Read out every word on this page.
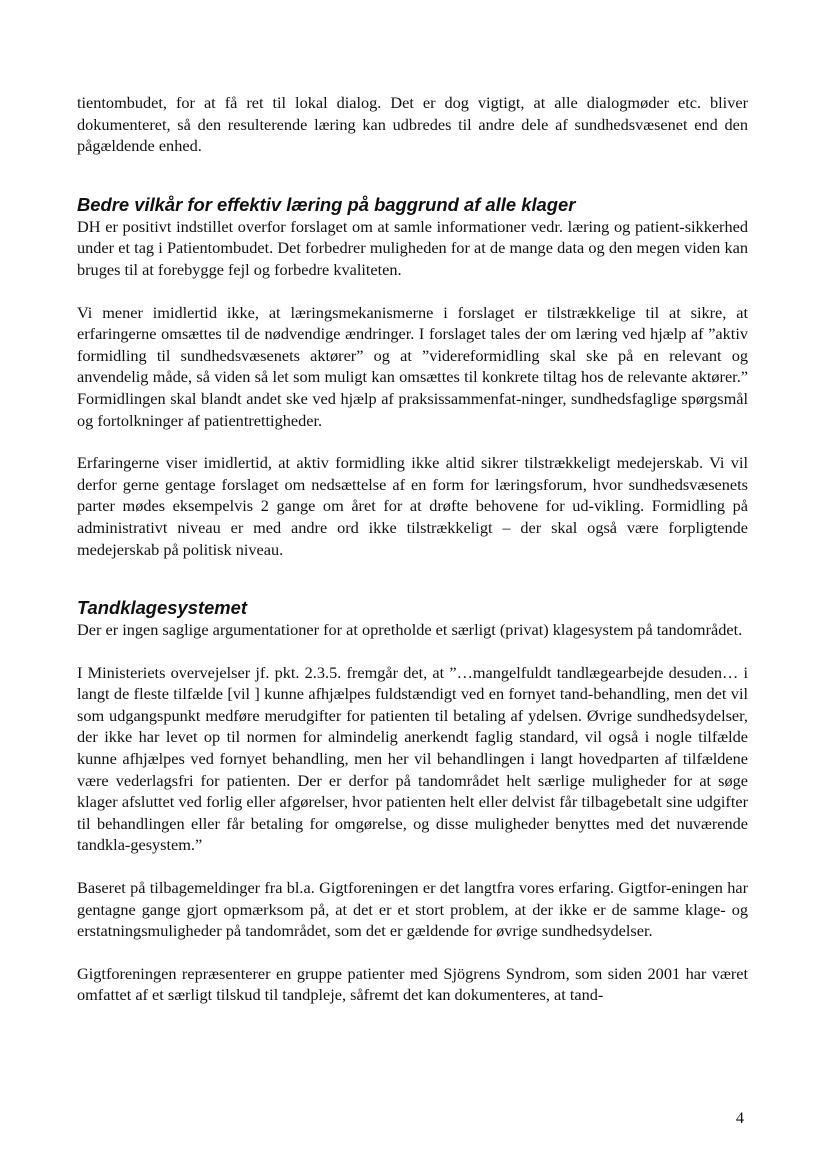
tientombudet, for at få ret til lokal dialog. Det er dog vigtigt, at alle dialogmøder etc. bliver dokumenteret, så den resulterende læring kan udbredes til andre dele af sundhedsvæsenet end den pågældende enhed.

Bedre vilkår for effektiv læring på baggrund af alle klager

DH er positivt indstillet overfor forslaget om at samle informationer vedr. læring og patient-sikkerhed under et tag i Patientombudet. Det forbedrer muligheden for at de mange data og den megen viden kan bruges til at forebygge fejl og forbedre kvaliteten.

Vi mener imidlertid ikke, at læringsmekanismerne i forslaget er tilstrækkelige til at sikre, at erfaringerne omsættes til de nødvendige ændringer. I forslaget tales der om læring ved hjælp af ”aktiv formidling til sundhedsvæsenets aktører” og at ”videreformidling skal ske på en relevant og anvendelig måde, så viden så let som muligt kan omsættes til konkrete tiltag hos de relevante aktører.” Formidlingen skal blandt andet ske ved hjælp af praksissammenfat-ninger, sundhedsfaglige spørgsmål og fortolkninger af patientrettigheder.

Erfaringerne viser imidlertid, at aktiv formidling ikke altid sikrer tilstrækkeligt medejerskab. Vi vil derfor gerne gentage forslaget om nedsættelse af en form for læringsforum, hvor sundhedsvæsenets parter mødes eksempelvis 2 gange om året for at drøfte behovene for ud-vikling. Formidling på administrativt niveau er med andre ord ikke tilstrækkeligt – der skal også være forpligtende medejerskab på politisk niveau.

Tandklagesystemet

Der er ingen saglige argumentationer for at opretholde et særligt (privat) klagesystem på tandområdet.

I Ministeriets overvejelser jf. pkt. 2.3.5. fremgår det, at ”…mangelfuldt tandlægearbejde desuden… i langt de fleste tilfælde [vil ] kunne afhjælpes fuldstændigt ved en fornyet tand-behandling, men det vil som udgangspunkt medføre merudgifter for patienten til betaling af ydelsen. Øvrige sundhedsydelser, der ikke har levet op til normen for almindelig anerkendt faglig standard, vil også i nogle tilfælde kunne afhjælpes ved fornyet behandling, men her vil behandlingen i langt hovedparten af tilfældene være vederlagsfri for patienten. Der er derfor på tandområdet helt særlige muligheder for at søge klager afsluttet ved forlig eller afgørelser, hvor patienten helt eller delvist får tilbagebetalt sine udgifter til behandlingen eller får betaling for omgørelse, og disse muligheder benyttes med det nuværende tandkla-gesystem.”

Baseret på tilbagemeldinger fra bl.a. Gigtforeningen er det langtfra vores erfaring. Gigtfor-eningen har gentagne gange gjort opmærksom på, at det er et stort problem, at der ikke er de samme klage- og erstatningsmuligheder på tandområdet, som det er gældende for øvrige sundhedsydelser.

Gigtforeningen repræsenterer en gruppe patienter med Sjögrens Syndrom, som siden 2001 har været omfattet af et særligt tilskud til tandpleje, såfremt det kan dokumenteres, at tand-

4
